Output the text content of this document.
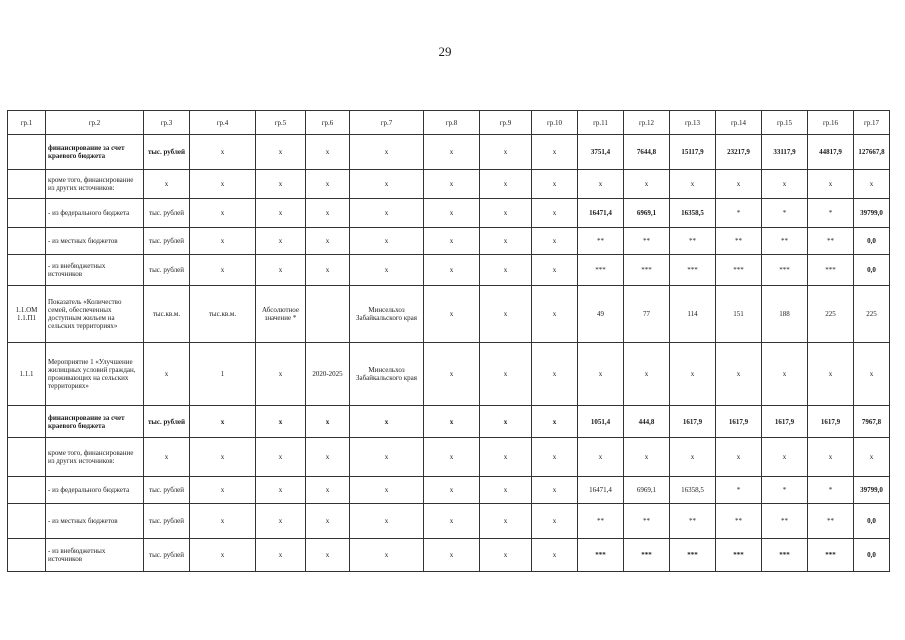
29
гр.1	гр.2	гр.3	гр.4	гр.5	гр.6	гр.7	гр.8	гр.9	гр.10	гр.11	гр.12	гр.13	гр.14	гр.15	гр.16	гр.17
	финансирование за счет краевого бюджета	тыс. рублей	х	х	х	х	х	х	х	3751,4	7644,8	15117,9	23217,9	33117,9	44817,9	127667,8
	кроме того, финансирование из других источников:	х	х	х	х	х	х	х	х	х	х	х	х	х	х	х
	- из федерального бюджета	тыс. рублей	х	х	х	х	х	х	х	16471,4	6969,1	16358,5	*	*	*	39799,0
	- из местных бюджетов	тыс. рублей	х	х	х	х	х	х	х	**	**	**	**	**	**	0,0
	- из внебюджетных источников	тыс. рублей	х	х	х	х	х	х	х	***	***	***	***	***	***	0,0
1.1.ОМ 1.1.П1	Показатель «Количество семей, обеспеченных доступным жильем на сельских территориях»	тыс.кв.м.	тыс.кв.м.	Абсолютное значение *		Минсельхоз Забайкальского края	х	х	х	49	77	114	151	188	225	225
1.1.1	Мероприятие 1 «Улучшение жилищных условий граждан, проживающих на сельских территориях»	х	1	х	2020-2025	Минсельхоз Забайкальского края	х	х	х	х	х	х	х	х	х	х
	финансирование за счет краевого бюджета	тыс. рублей	х	х	х	х	х	х	х	1051,4	444,8	1617,9	1617,9	1617,9	1617,9	7967,8
	кроме того, финансирование из других источников:	х	х	х	х	х	х	х	х	х	х	х	х	х	х	х
	- из федерального бюджета	тыс. рублей	х	х	х	х	х	х	х	16471,4	6969,1	16358,5	*	*	*	39799,0
	- из местных бюджетов	тыс. рублей	х	х	х	х	х	х	х	**	**	**	**	**	**	0,0
	- из внебюджетных источников	тыс. рублей	х	х	х	х	х	х	х	***	***	***	***	***	***	0,0
